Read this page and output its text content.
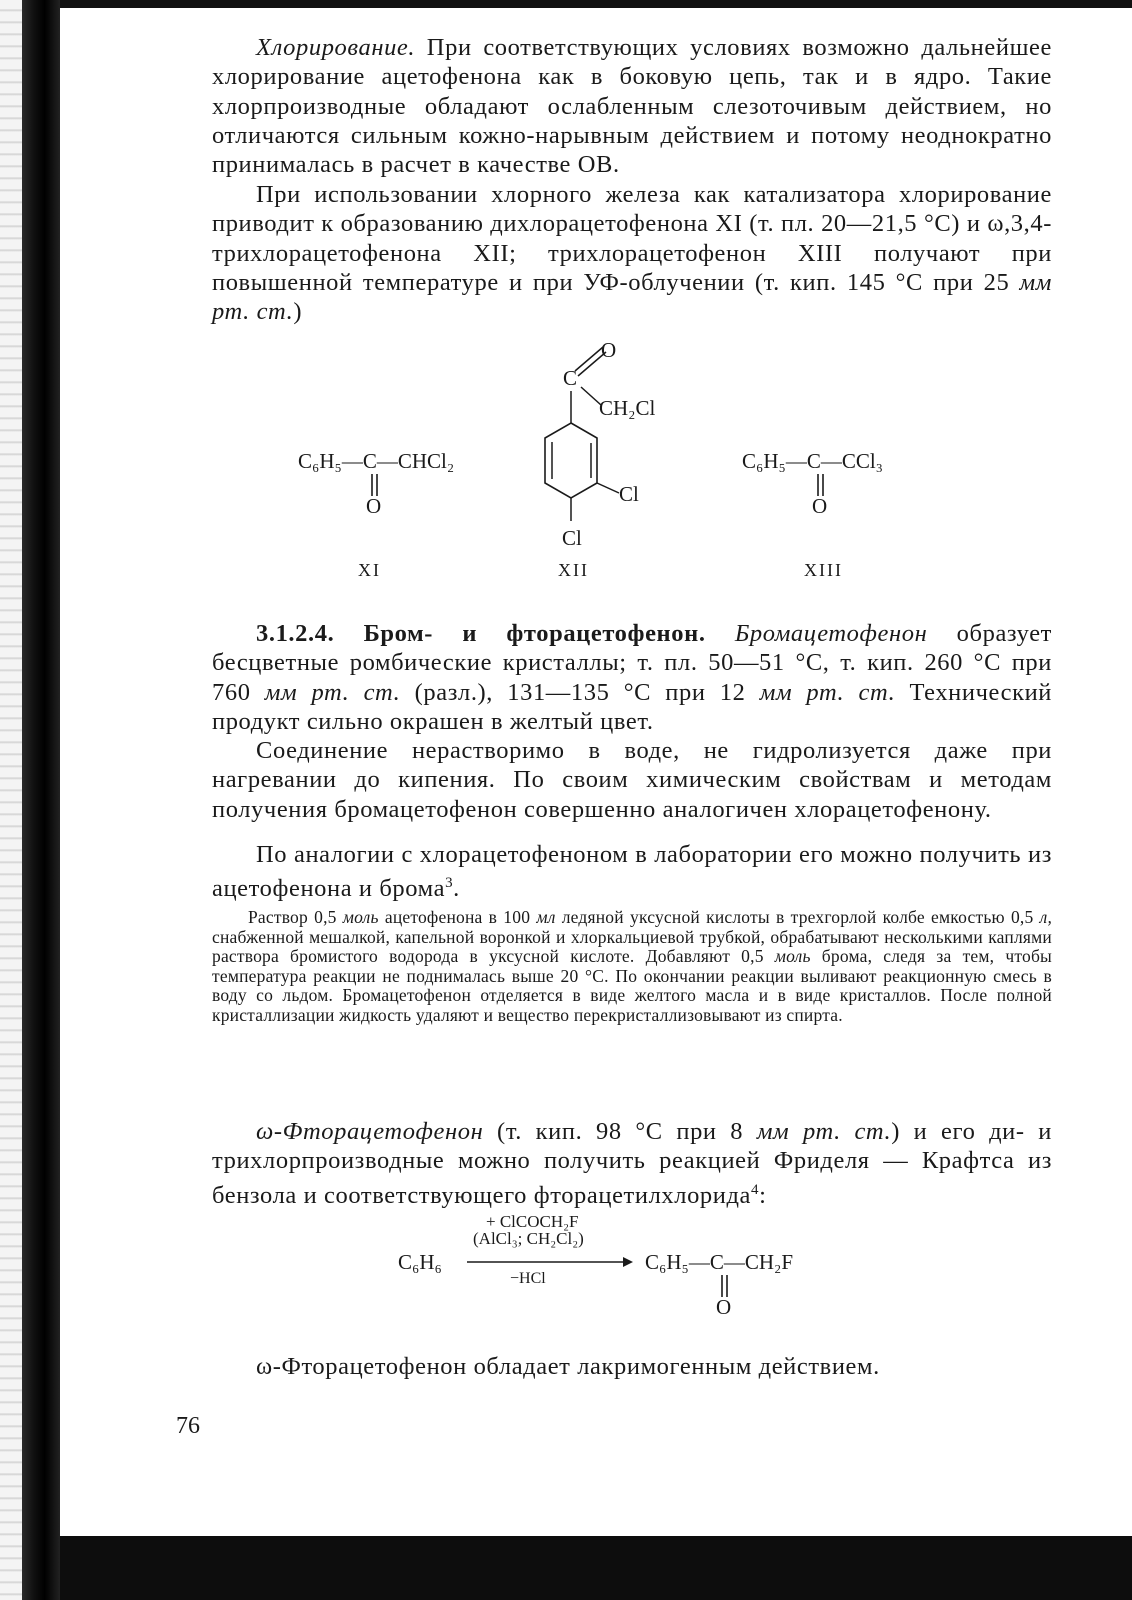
Хлорирование. При соответствующих условиях возможно дальнейшее хлорирование ацетофенона как в боковую цепь, так и в ядро. Такие хлорпроизводные обладают ослабленным слезоточивым действием, но отличаются сильным кожно-нарывным действием и потому неоднократно принималась в расчет в качестве ОВ.

При использовании хлорного железа как катализатора хлорирование приводит к образованию дихлорацетофенона XI (т. пл. 20—21,5 °С) и ω,3,4-трихлорацетофенона XII; трихлорацетофенон XIII получают при повышенной температуре и при УФ-облучении (т. кип. 145 °С при 25 мм рт. ст.)

C₆H₅—C—CHCl₂
O
XI
C
O
CH₂Cl
Cl
Cl
XII
C₆H₅—C—CCl₃
O
XIII

3.1.2.4. Бром- и фторацетофенон. Бромацетофенон образует бесцветные ромбические кристаллы; т. пл. 50—51 °С, т. кип. 260 °С при 760 мм рт. ст. (разл.), 131—135 °С при 12 мм рт. ст. Технический продукт сильно окрашен в желтый цвет.

Соединение нерастворимо в воде, не гидролизуется даже при нагревании до кипения. По своим химическим свойствам и методам получения бромацетофенон совершенно аналогичен хлорацетофенону.

По аналогии с хлорацетофеноном в лаборатории его можно получить из ацетофенона и брома$^3$.

Раствор 0,5 моль ацетофенона в 100 мл ледяной уксусной кислоты в трехгорлой колбе емкостью 0,5 л, снабженной мешалкой, капельной воронкой и хлоркальциевой трубкой, обрабатывают несколькими каплями раствора бромистого водорода в уксусной кислоте. Добавляют 0,5 моль брома, следя за тем, чтобы температура реакции не поднималась выше 20 °С. По окончании реакции выливают реакционную смесь в воду со льдом. Бромацетофенон отделяется в виде желтого масла и в виде кристаллов. После полной кристаллизации жидкость удаляют и вещество перекристаллизовывают из спирта.

ω-Фторацетофенон (т. кип. 98 °С при 8 мм рт. ст.) и его ди- и трихлорпроизводные можно получить реакцией Фриделя — Крафтса из бензола и соответствующего фторацетилхлорида$^4$:

C₆H₆
+ ClCOCH₂F
(AlCl₃; CH₂Cl₂)
−HCl
C₆H₅—C—CH₂F
O

ω-Фторацетофенон обладает лакримогенным действием.

76
